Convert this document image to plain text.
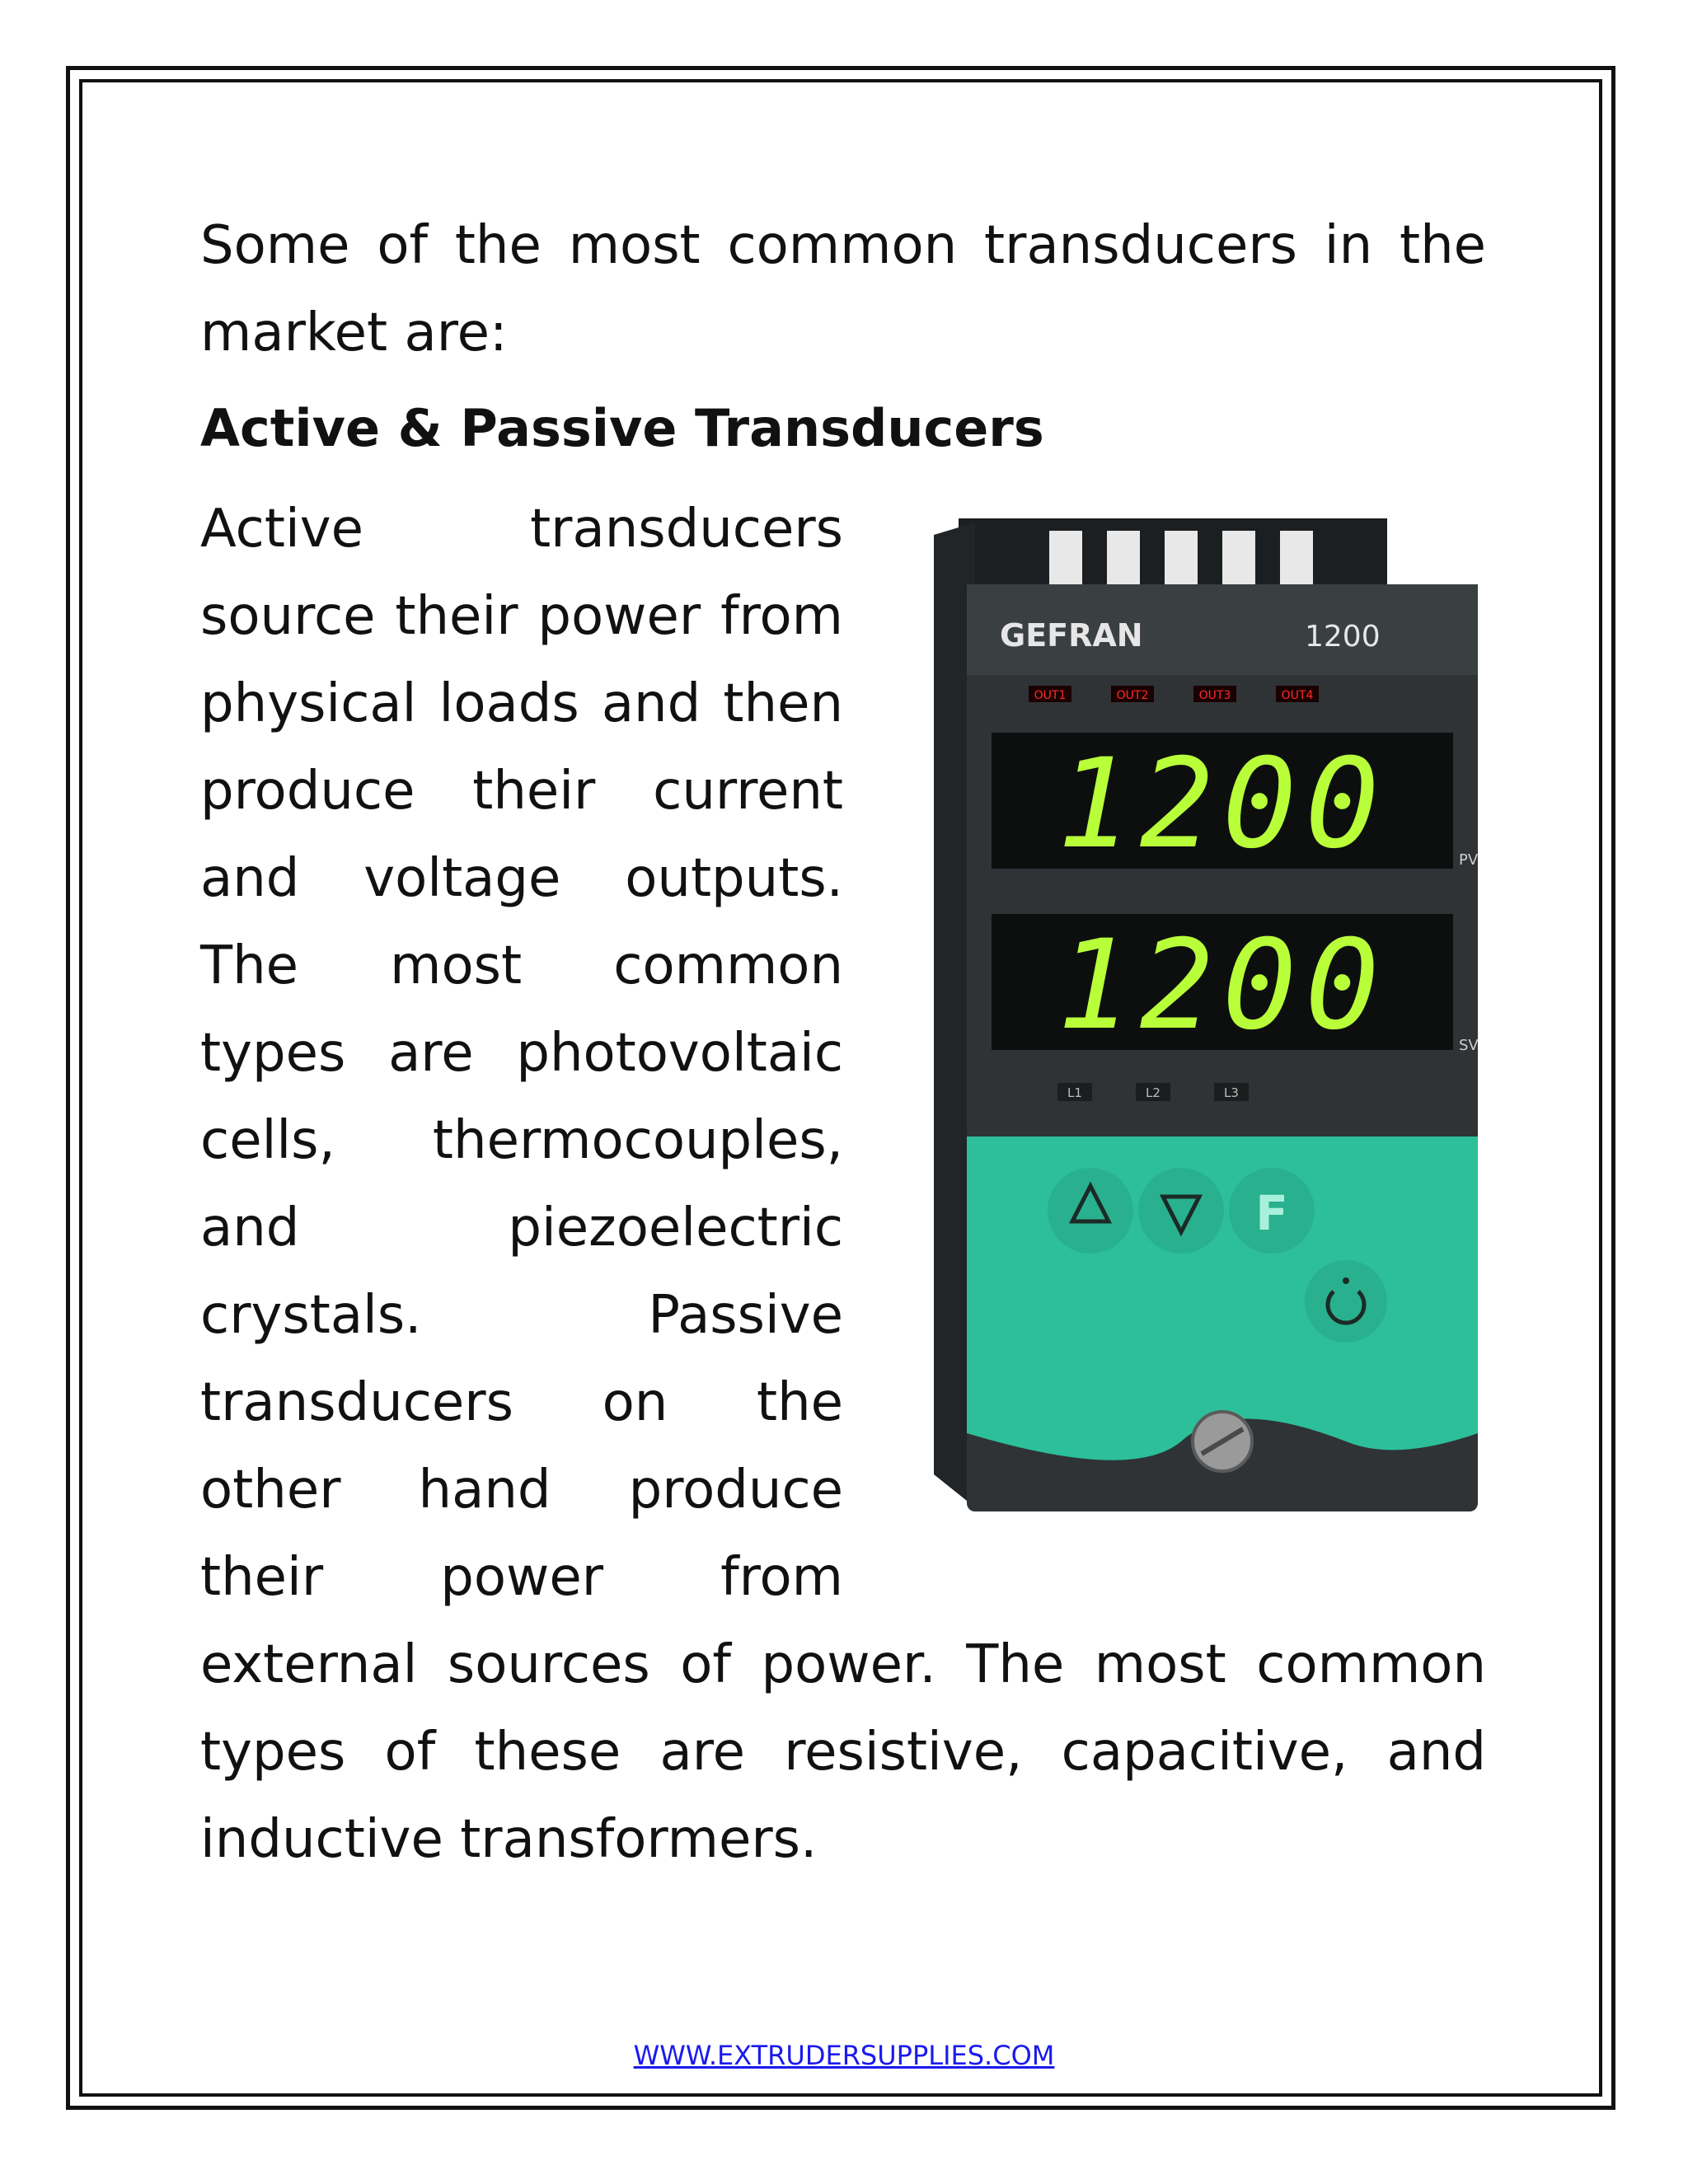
Some of the most common transducers in the market are:

Active & Passive Transducers
GEFRAN	1200
OUT1	OUT2	OUT3	OUT4
1200	PV
1200	SV
L1	L2	L3
F

Active transducers source their power from physical loads and then produce their current and voltage outputs. The most common types are photovoltaic cells, thermocouples, and piezoelectric crystals. Passive transducers on the other hand produce their power from external sources of power. The most common types of these are resistive, capacitive, and inductive transformers.

WWW.EXTRUDERSUPPLIES.COM
